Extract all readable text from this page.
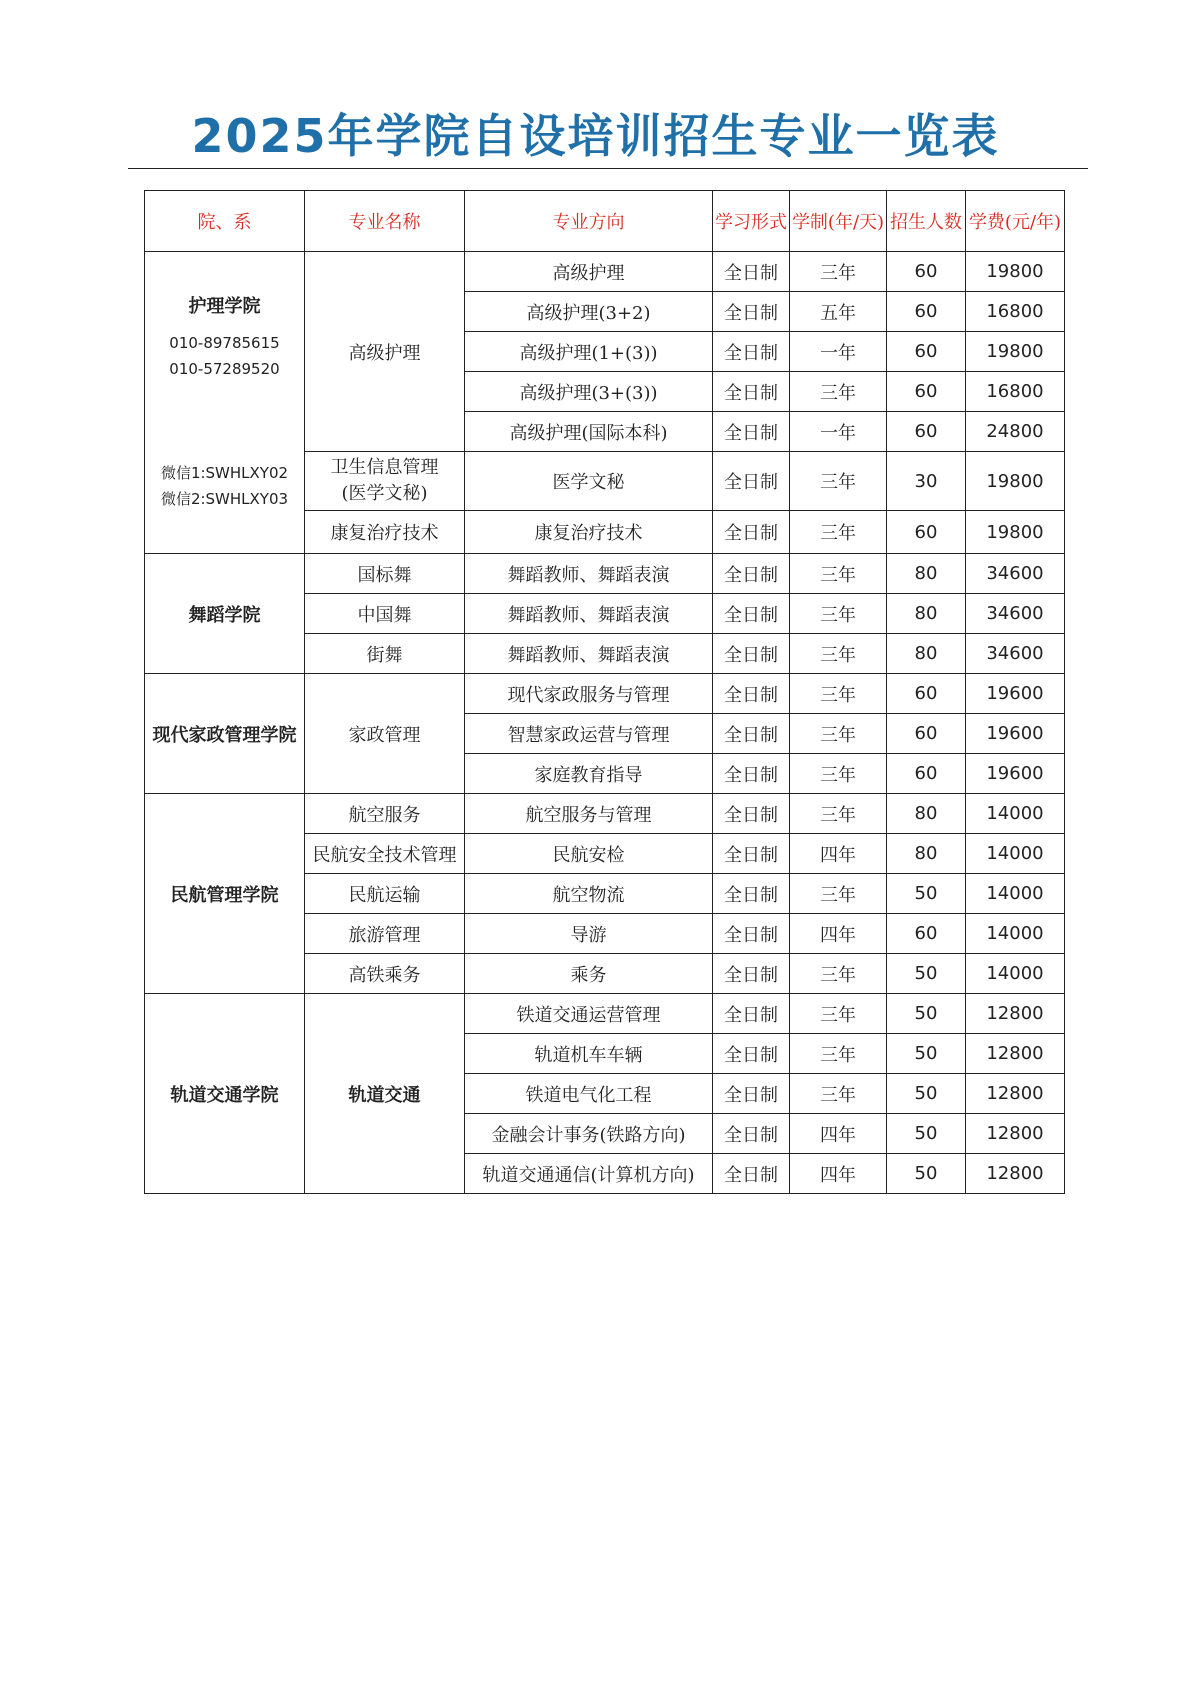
2025年学院自设培训招生专业一览表
院、系	专业名称	专业方向	学习形式	学制(年/天)	招生人数	学费(元/年)

护理学院
010-89785615
010-57289520
微信1:SWHLXY02
微信2:SWHLXY03	高级护理	高级护理	全日制	三年	60	19800
		高级护理(3+2)	全日制	五年	60	16800
		高级护理(1+(3))	全日制	一年	60	19800
		高级护理(3+(3))	全日制	三年	60	16800
		高级护理(国际本科)	全日制	一年	60	24800

	卫生信息管理
(医学文秘)	医学文秘	全日制	三年	30	19800
	康复治疗技术	康复治疗技术	全日制	三年	60	19800
舞蹈学院	国标舞	舞蹈教师、舞蹈表演	全日制	三年	80	34600
	中国舞	舞蹈教师、舞蹈表演	全日制	三年	80	34600
	街舞	舞蹈教师、舞蹈表演	全日制	三年	80	34600
现代家政管理学院	家政管理	现代家政服务与管理	全日制	三年	60	19600
		智慧家政运营与管理	全日制	三年	60	19600
		家庭教育指导	全日制	三年	60	19600
民航管理学院	航空服务	航空服务与管理	全日制	三年	80	14000
	民航安全技术管理	民航安检	全日制	四年	80	14000
	民航运输	航空物流	全日制	三年	50	14000
	旅游管理	导游	全日制	四年	60	14000
	高铁乘务	乘务	全日制	三年	50	14000
轨道交通学院	轨道交通	铁道交通运营管理	全日制	三年	50	12800
		轨道机车车辆	全日制	三年	50	12800
		铁道电气化工程	全日制	三年	50	12800
		金融会计事务(铁路方向)	全日制	四年	50	12800
		轨道交通通信(计算机方向)	全日制	四年	50	12800
